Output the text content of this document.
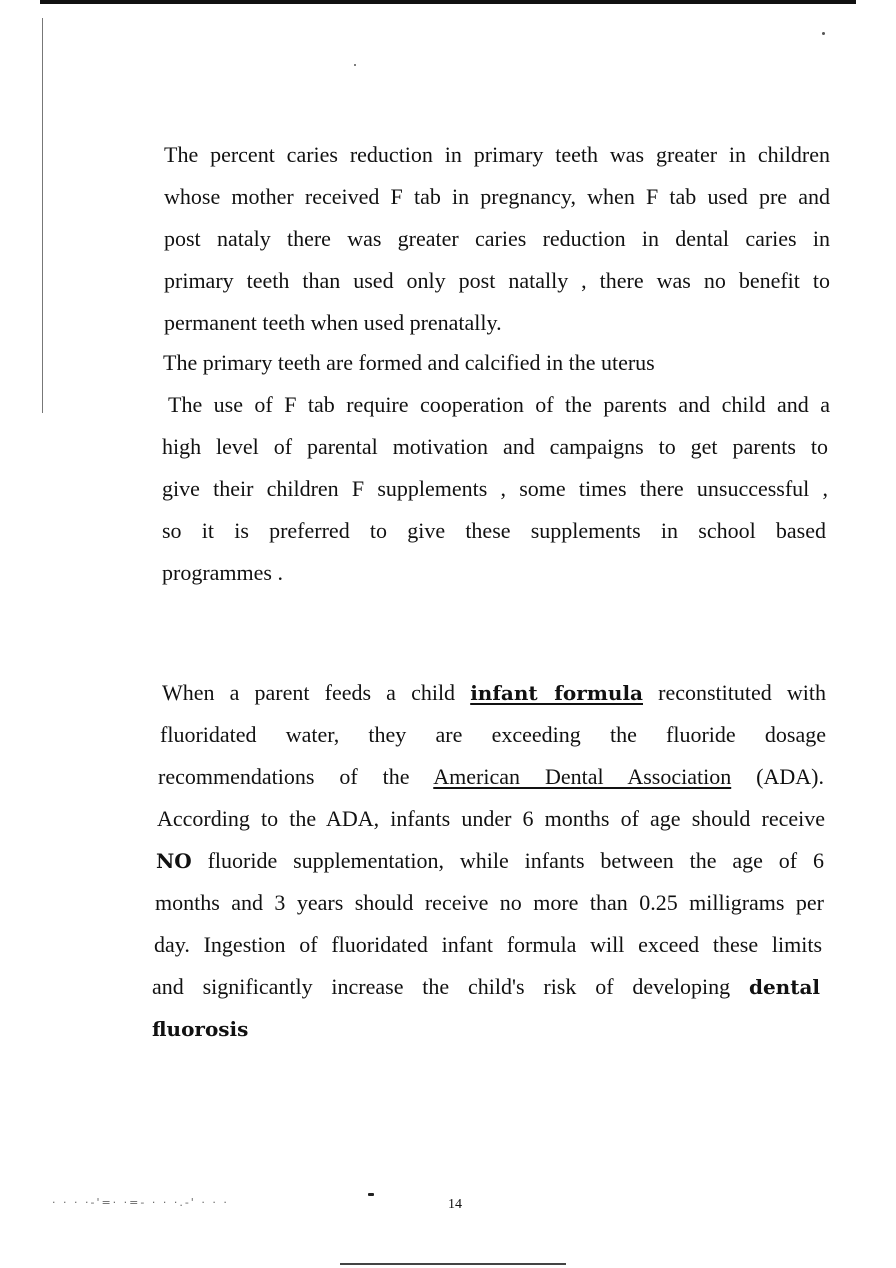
The percent caries reduction in primary teeth was greater in children
whose mother received F tab in pregnancy, when F tab used pre and
post nataly there was greater caries reduction in dental caries in
primary teeth than used only post natally , there was no benefit to
permanent teeth when used prenatally.
The primary teeth are formed and calcified in the uterus
The use of F tab require cooperation of the parents and child and a
high level of parental motivation and campaigns to get parents to
give their children F supplements , some times there unsuccessful ,
so it is preferred to give these supplements in school based
programmes .
When a parent feeds a child infant formula reconstituted with
fluoridated water, they are exceeding the fluoride dosage
recommendations of the American Dental Association (ADA).
According to the ADA, infants under 6 months of age should receive
NO fluoride supplementation, while infants between the age of 6
months and 3 years should receive no more than 0.25 milligrams per
day. Ingestion of fluoridated infant formula will exceed these limits
and significantly increase the child's risk of developing dental
fluorosis
· · · ·-'=· ·=- · · ·.-' · · ·	14
